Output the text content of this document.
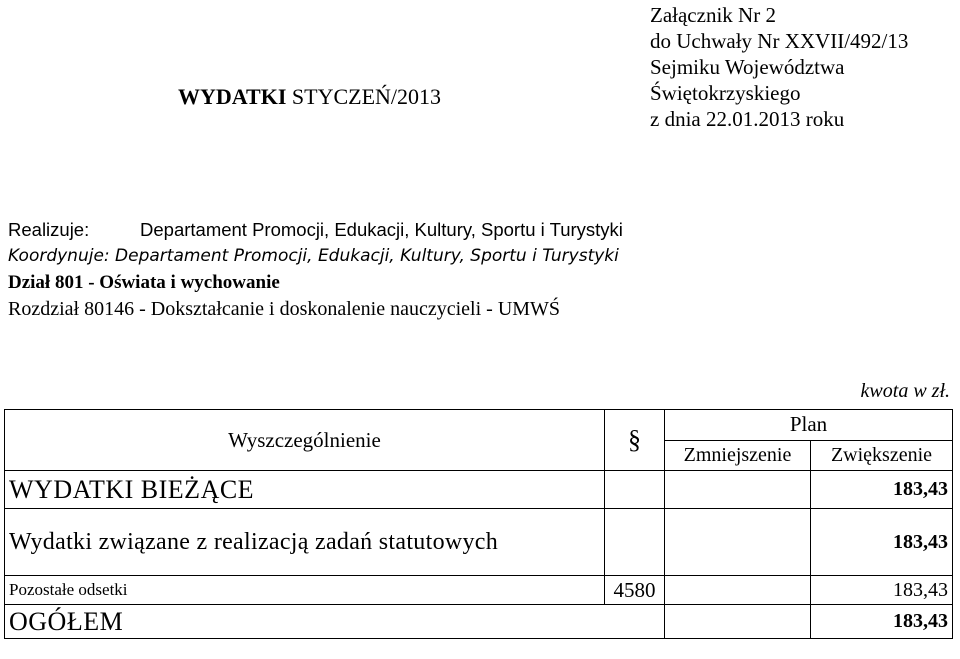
WYDATKI STYCZEŃ/2013
Załącznik Nr 2
do Uchwały Nr XXVII/492/13
Sejmiku Województwa
Świętokrzyskiego
z dnia 22.01.2013 roku
Realizuje:	Departament Promocji, Edukacji, Kultury, Sportu i Turystyki
Koordynuje: Departament Promocji, Edukacji, Kultury, Sportu i Turystyki
Dział 801 - Oświata i wychowanie
Rozdział 80146 - Dokształcanie i doskonalenie nauczycieli - UMWŚ
kwota w zł.
Wyszczególnienie	§	Plan	
		Zmniejszenie	Zwiększenie
WYDATKI BIEŻĄCE			183,43
Wydatki związane z realizacją zadań statutowych			183,43
Pozostałe odsetki	4580		183,43
OGÓŁEM			183,43
